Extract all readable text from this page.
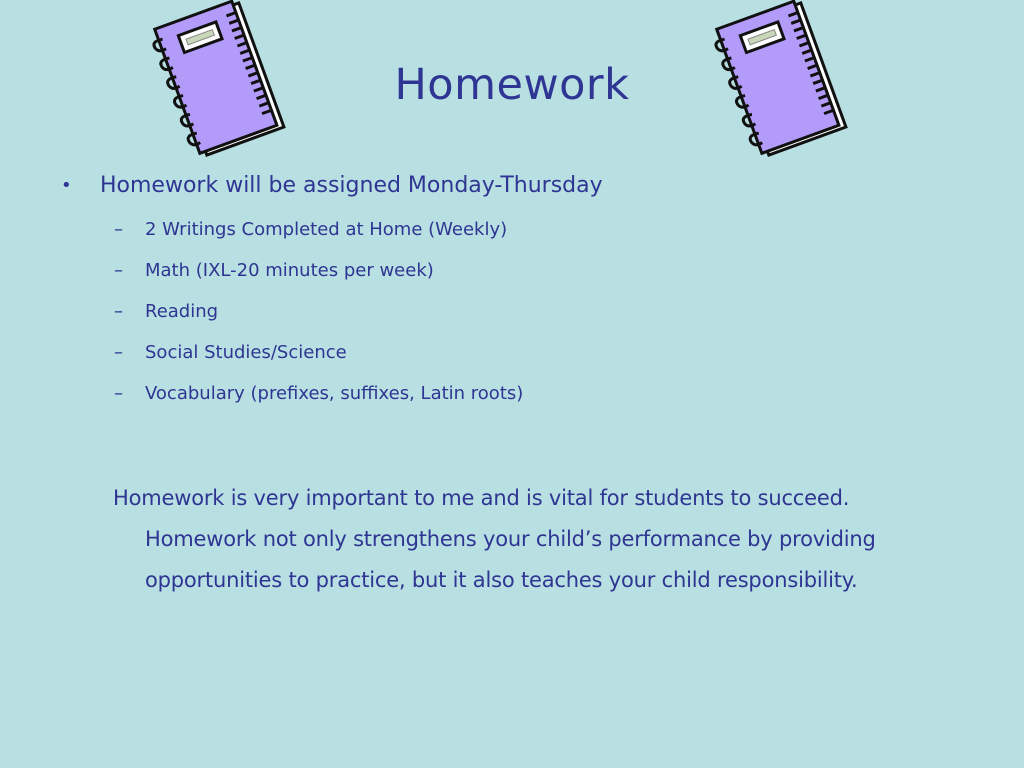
Homework
• Homework will be assigned Monday-Thursday
– 2 Writings Completed at Home (Weekly)
– Math (IXL-20 minutes per week)
– Reading
– Social Studies/Science
– Vocabulary (prefixes, suffixes, Latin roots)
Homework is very important to me and is vital for students to succeed. Homework not only strengthens your child’s performance by providing opportunities to practice, but it also teaches your child responsibility.
